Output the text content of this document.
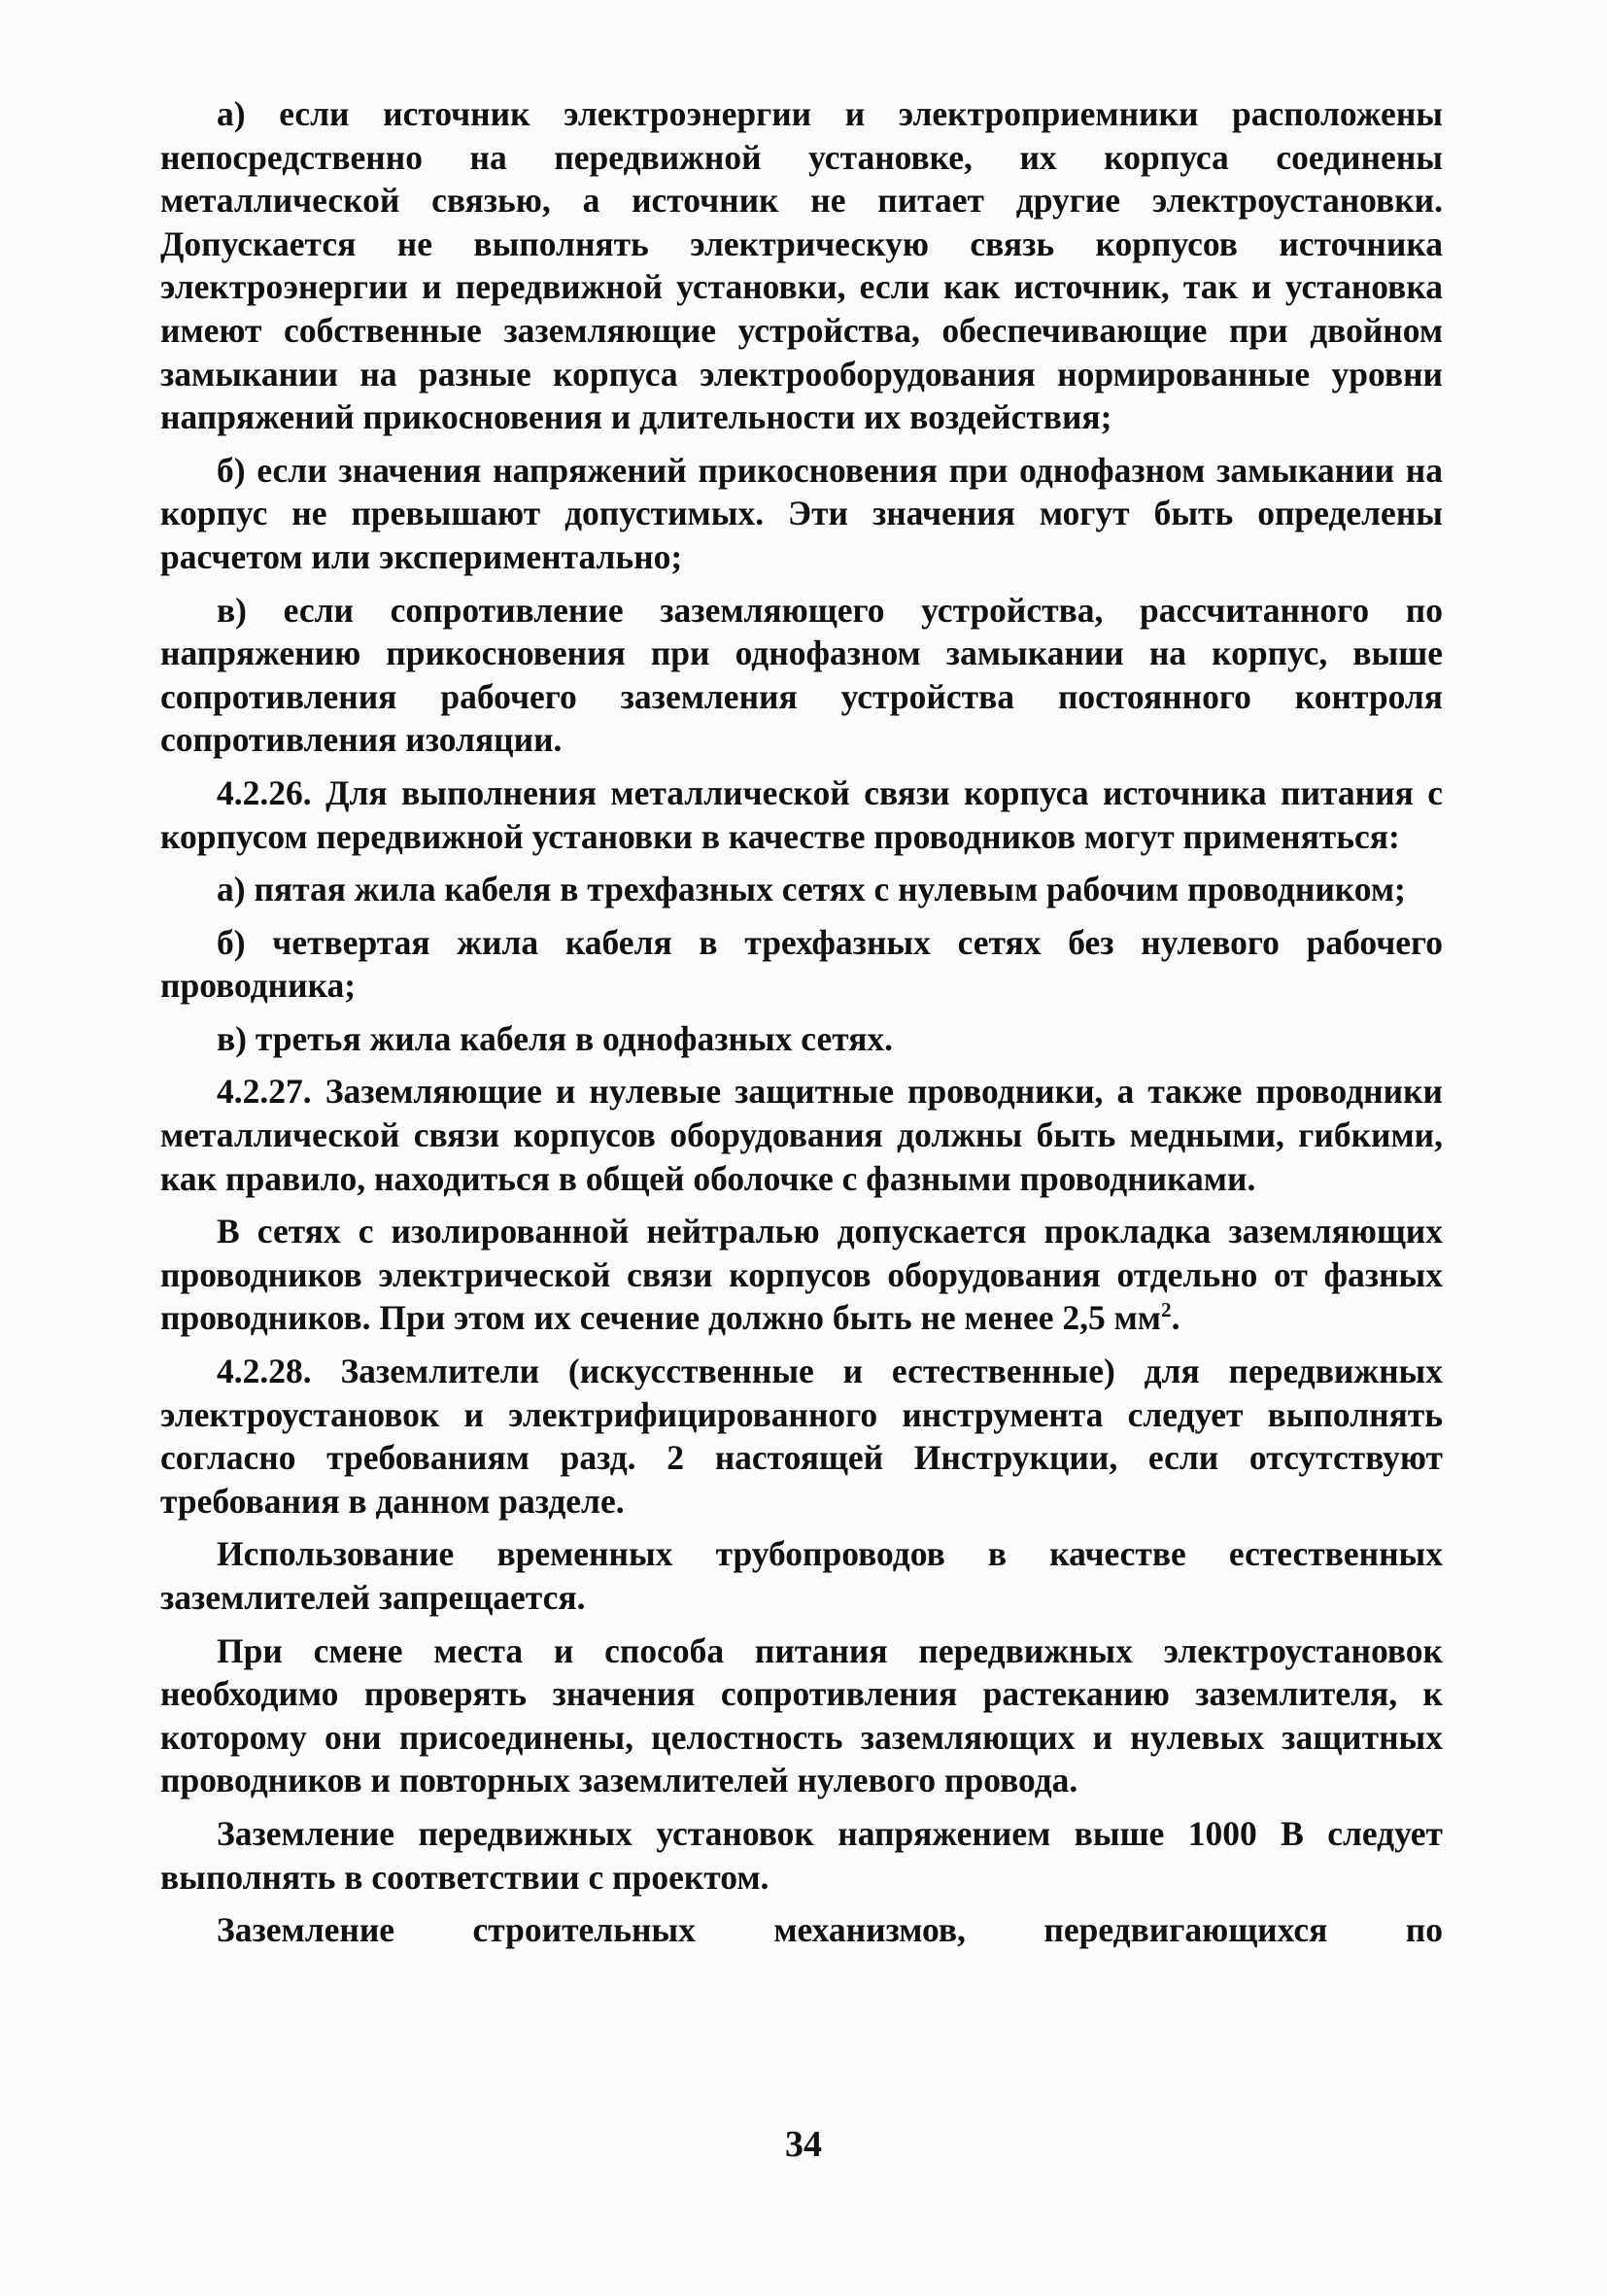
а) если источник электроэнергии и электроприемники расположены непосредственно на передвижной установке, их корпуса соединены металлической связью, а источник не питает другие электроустановки. Допускается не выполнять электрическую связь корпусов источника электроэнергии и передвижной установки, если как источник, так и установка имеют собственные заземляющие устройства, обеспечивающие при двойном замыкании на разные корпуса электрооборудования нормированные уровни напряжений прикосновения и длительности их воздействия;

б) если значения напряжений прикосновения при однофазном замыкании на корпус не превышают допустимых. Эти значения могут быть определены расчетом или экспериментально;

в) если сопротивление заземляющего устройства, рассчитанного по напряжению прикосновения при однофазном замыкании на корпус, выше сопротивления рабочего заземления устройства постоянного контроля сопротивления изоляции.

4.2.26. Для выполнения металлической связи корпуса источника питания с корпусом передвижной установки в качестве проводников могут применяться:

а) пятая жила кабеля в трехфазных сетях с нулевым рабочим проводником;

б) четвертая жила кабеля в трехфазных сетях без нулевого рабочего проводника;

в) третья жила кабеля в однофазных сетях.

4.2.27. Заземляющие и нулевые защитные проводники, а также проводники металлической связи корпусов оборудования должны быть медными, гибкими, как правило, находиться в общей оболочке с фазными проводниками.

В сетях с изолированной нейтралью допускается прокладка заземляющих проводников электрической связи корпусов оборудования отдельно от фазных проводников. При этом их сечение должно быть не менее 2,5 $мм^2$.

4.2.28. Заземлители (искусственные и естественные) для передвижных электроустановок и электрифицированного инструмента следует выполнять согласно требованиям разд. 2 настоящей Инструкции, если отсутствуют требования в данном разделе.

Использование временных трубопроводов в качестве естественных заземлителей запрещается.

При смене места и способа питания передвижных электроустановок необходимо проверять значения сопротивления растеканию заземлителя, к которому они присоединены, целостность заземляющих и нулевых защитных проводников и повторных заземлителей нулевого провода.

Заземление передвижных установок напряжением выше 1000 В следует выполнять в соответствии с проектом.

Заземление строительных механизмов, передвигающихся по

34
